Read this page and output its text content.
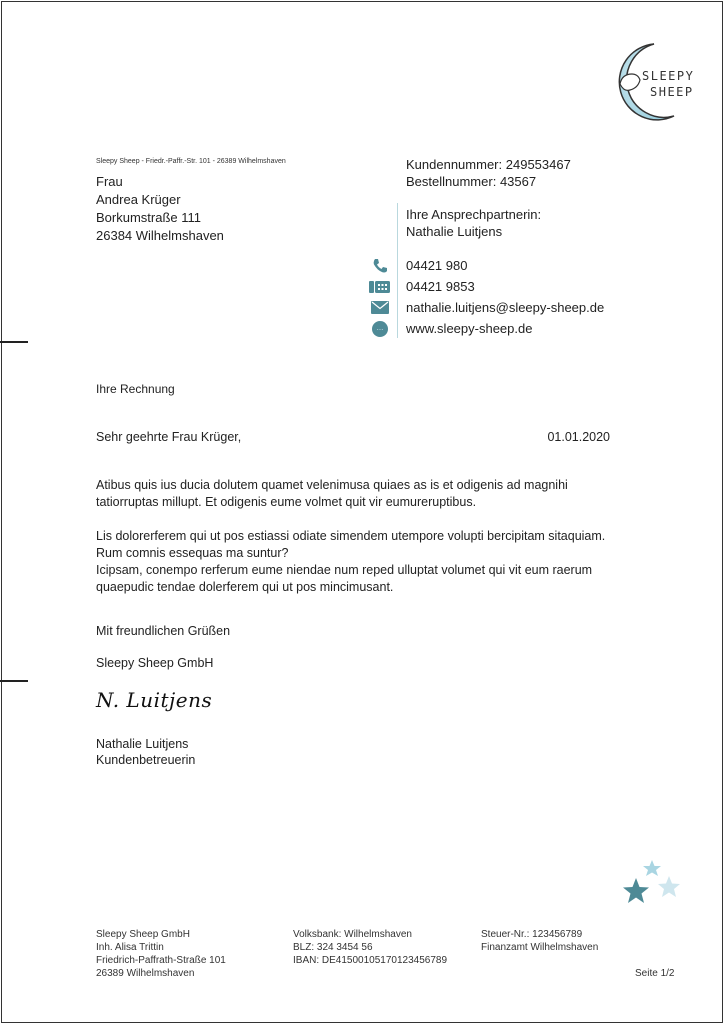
SLEEPY
SHEEP
Sleepy Sheep - Friedr.-Paffr.-Str. 101 - 26389 Wilhelmshaven
Frau
Andrea Krüger
Borkumstraße 111
26384 Wilhelmshaven
Kundennummer: 249553467
Bestellnummer: 43567
Ihre Ansprechpartnerin:
Nathalie Luitjens
04421 980
04421 9853
nathalie.luitjens@sleepy-sheep.de
··· www.sleepy-sheep.de
Ihre Rechnung
Sehr geehrte Frau Krüger,	01.01.2020
Atibus quis ius ducia dolutem quamet velenimusa quiaes as is et odigenis ad magnihi tatiorruptas millupt. Et odigenis eume volmet quit vir eumureruptibus.
Lis dolorerferem qui ut pos estiassi odiate simendem utempore volupti bercipitam sitaquiam. Rum comnis essequas ma suntur?
Icipsam, conempo rerferum eume niendae num reped ulluptat volumet qui vit eum raerum quaepudic tendae dolerferem qui ut pos mincimusant.
Mit freundlichen Grüßen
Sleepy Sheep GmbH
N. Luitjens
Nathalie Luitjens
Kundenbetreuerin
Sleepy Sheep GmbH
Inh. Alisa Trittin
Friedrich-Paffrath-Straße 101
26389 Wilhelmshaven
Volksbank: Wilhelmshaven
BLZ: 324 3454 56
IBAN: DE41500105170123456789
Steuer-Nr.: 123456789
Finanzamt Wilhelmshaven
Seite 1/2
